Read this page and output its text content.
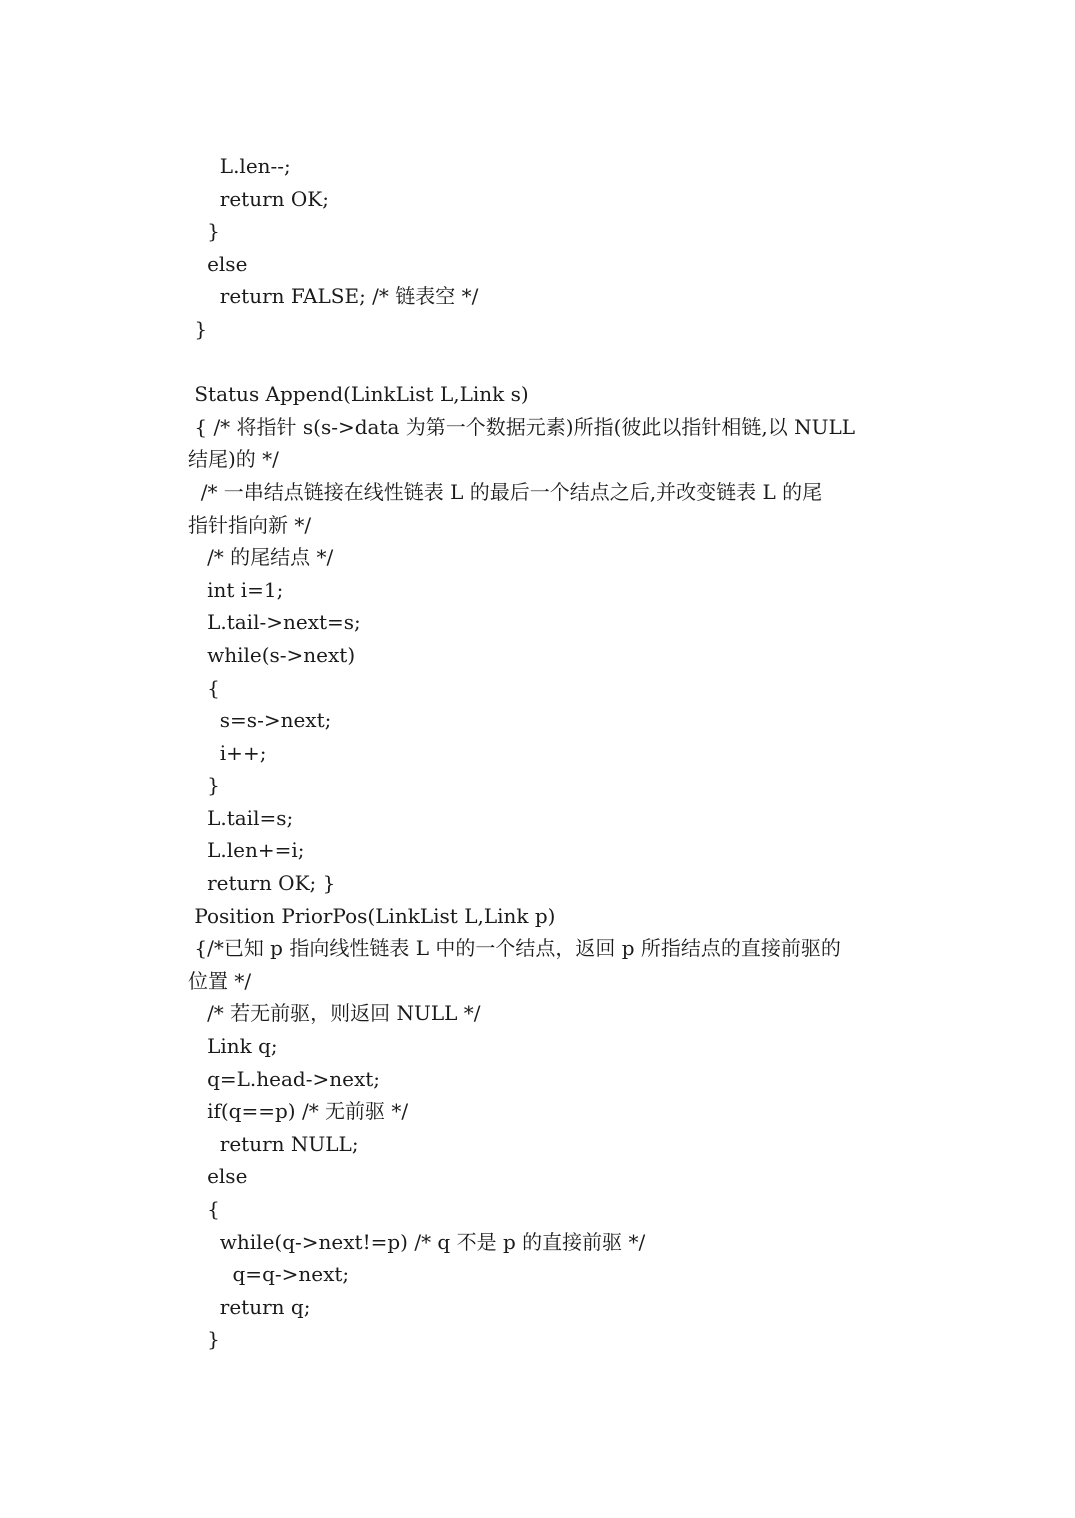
L.len--;
return OK;
}
else
return FALSE; /* 链表空 */
}
Status Append(LinkList L,Link s)
{ /* 将指针 s(s->data 为第一个数据元素)所指(彼此以指针相链,以 NULL
结尾)的 */
/* 一串结点链接在线性链表 L 的最后一个结点之后,并改变链表 L 的尾
指针指向新 */
/* 的尾结点 */
int i=1;
L.tail->next=s;
while(s->next)
{
s=s->next;
i++;
}
L.tail=s;
L.len+=i;
return OK; }
Position PriorPos(LinkList L,Link p)
{/*已知 p 指向线性链表 L 中的一个结点，返回 p 所指结点的直接前驱的
位置 */
/* 若无前驱，则返回 NULL */
Link q;
q=L.head->next;
if(q==p) /* 无前驱 */
return NULL;
else
{
while(q->next!=p) /* q 不是 p 的直接前驱 */
q=q->next;
return q;
}
